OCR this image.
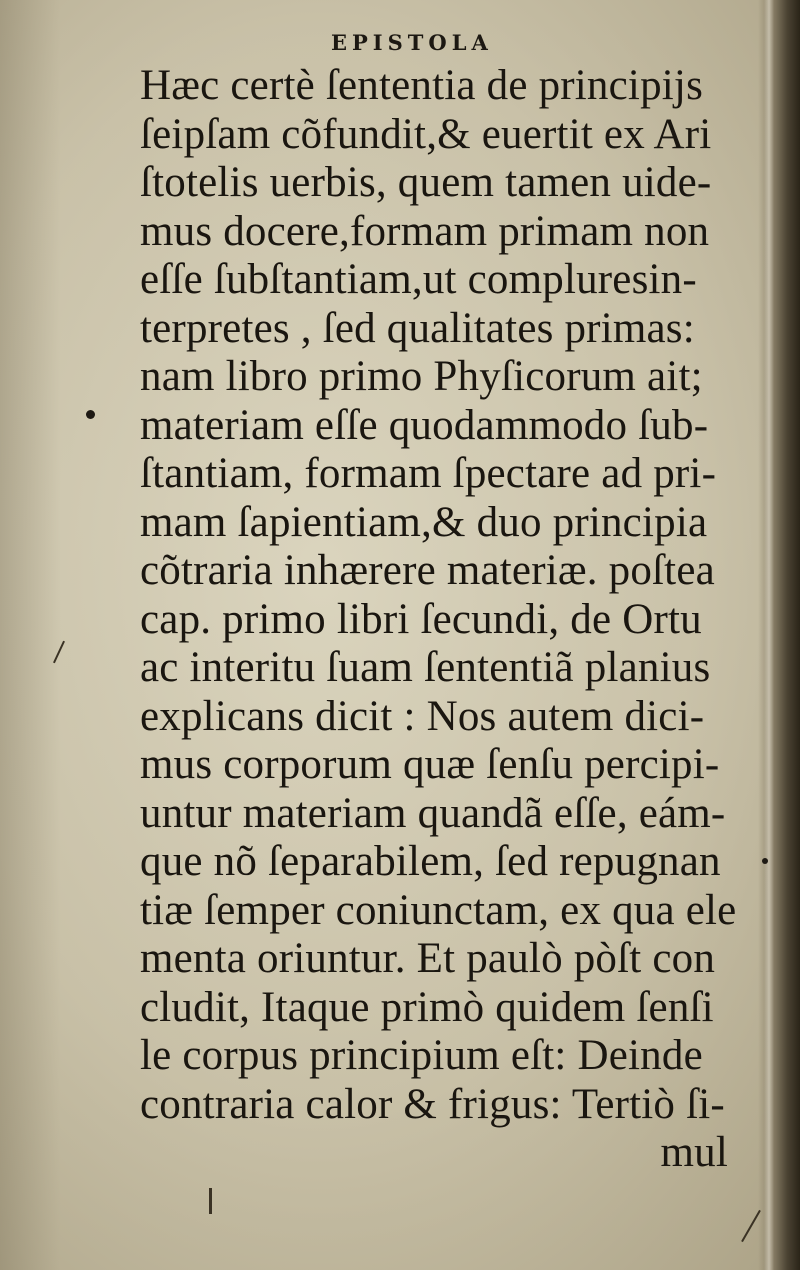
EPISTOLA
Hæc certè ſententia de principijs
ſeipſam cõfundit,& euertit ex Ari
ſtotelis uerbis, quem tamen uide-
mus docere,formam primam non
eſſe ſubſtantiam,ut compluresin-
terpretes , ſed qualitates primas:
nam libro primo Phyſicorum ait;
materiam eſſe quodammodo ſub-
ſtantiam, formam ſpectare ad pri-
mam ſapientiam,& duo principia
cõtraria inhærere materiæ. poſtea
cap. primo libri ſecundi, de Ortu
ac interitu ſuam ſententiã planius
explicans dicit : Nos autem dici-
mus corporum quæ ſenſu percipi-
untur materiam quandã eſſe, eám-
que nõ ſeparabilem, ſed repugnan
tiæ ſemper coniunctam, ex qua ele
menta oriuntur. Et paulò pòſt con
cludit, Itaque primò quidem ſenſi
le corpus principium eſt: Deinde
contraria calor & frigus: Tertiò ſi-
mul
